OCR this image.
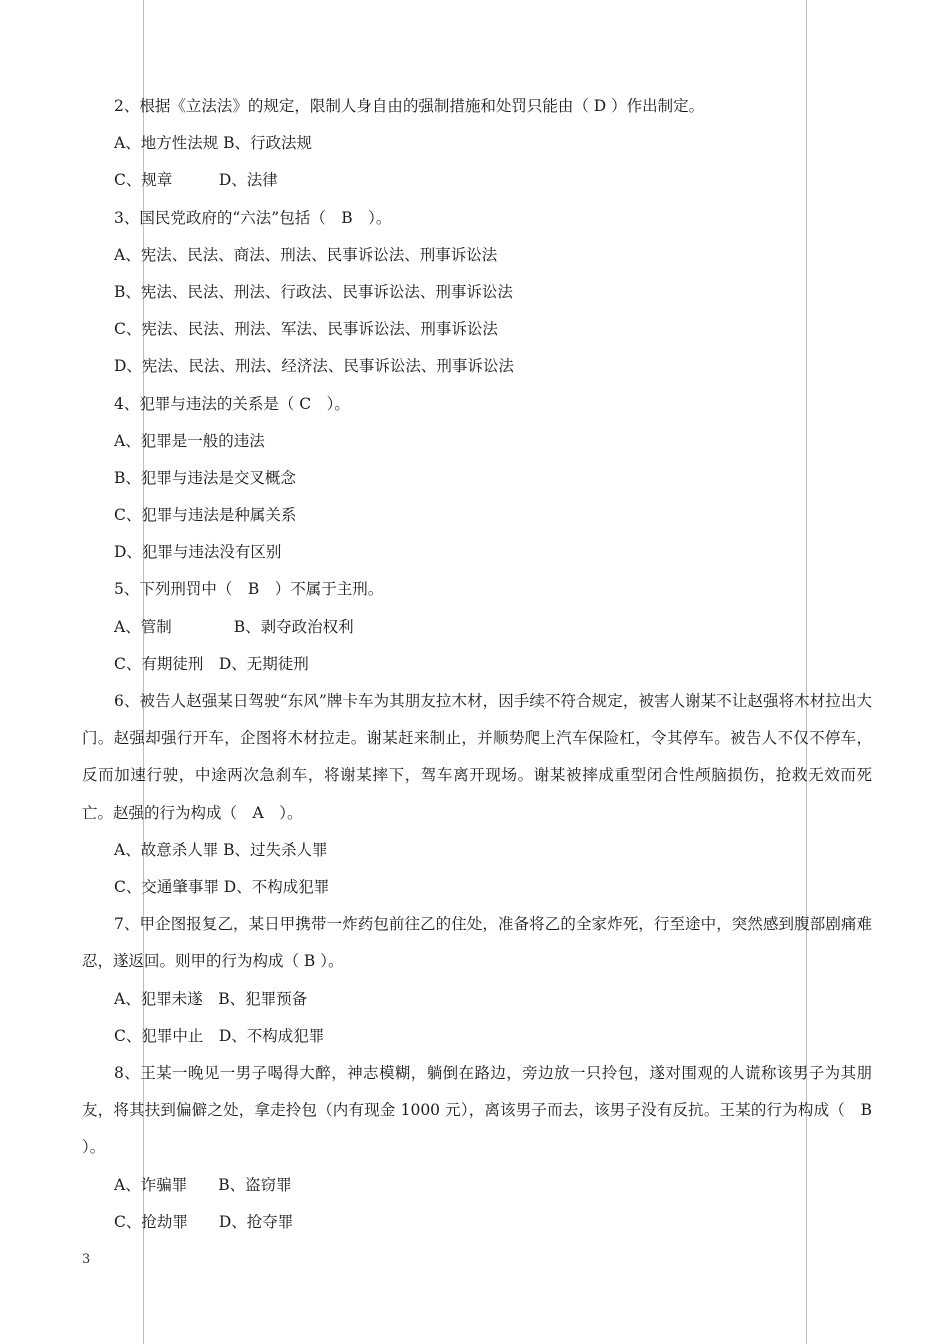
2、根据《立法法》的规定，限制人身自由的强制措施和处罚只能由（ D ）作出制定。
A、地方性法规 B、行政法规
C、规章　　　D、法律
3、国民党政府的“六法”包括（　B　）。
A、宪法、民法、商法、刑法、民事诉讼法、刑事诉讼法
B、宪法、民法、刑法、行政法、民事诉讼法、刑事诉讼法
C、宪法、民法、刑法、军法、民事诉讼法、刑事诉讼法
D、宪法、民法、刑法、经济法、民事诉讼法、刑事诉讼法
4、犯罪与违法的关系是（ C　）。
A、犯罪是一般的违法
B、犯罪与违法是交叉概念
C、犯罪与违法是种属关系
D、犯罪与违法没有区别
5、下列刑罚中（　B　）不属于主刑。
A、管制　　　　B、剥夺政治权利
C、有期徒刑　D、无期徒刑
6、被告人赵强某日驾驶“东风”牌卡车为其朋友拉木材，因手续不符合规定，被害人谢某不让赵强将木材拉出大门。赵强却强行开车，企图将木材拉走。谢某赶来制止，并顺势爬上汽车保险杠，令其停车。被告人不仅不停车，反而加速行驶，中途两次急刹车，将谢某摔下，驾车离开现场。谢某被摔成重型闭合性颅脑损伤，抢救无效而死亡。赵强的行为构成（　A　）。
A、故意杀人罪 B、过失杀人罪
C、交通肇事罪 D、不构成犯罪
7、甲企图报复乙，某日甲携带一炸药包前往乙的住处，准备将乙的全家炸死，行至途中，突然感到腹部剧痛难忍，遂返回。则甲的行为构成（ B ）。
A、犯罪未遂　B、犯罪预备
C、犯罪中止　D、不构成犯罪
8、王某一晚见一男子喝得大醉，神志模糊，躺倒在路边，旁边放一只拎包，遂对围观的人谎称该男子为其朋友，将其扶到偏僻之处，拿走拎包（内有现金 1000 元），离该男子而去，该男子没有反抗。王某的行为构成（　B　）。
A、诈骗罪　　B、盗窃罪
C、抢劫罪　　D、抢夺罪
3
